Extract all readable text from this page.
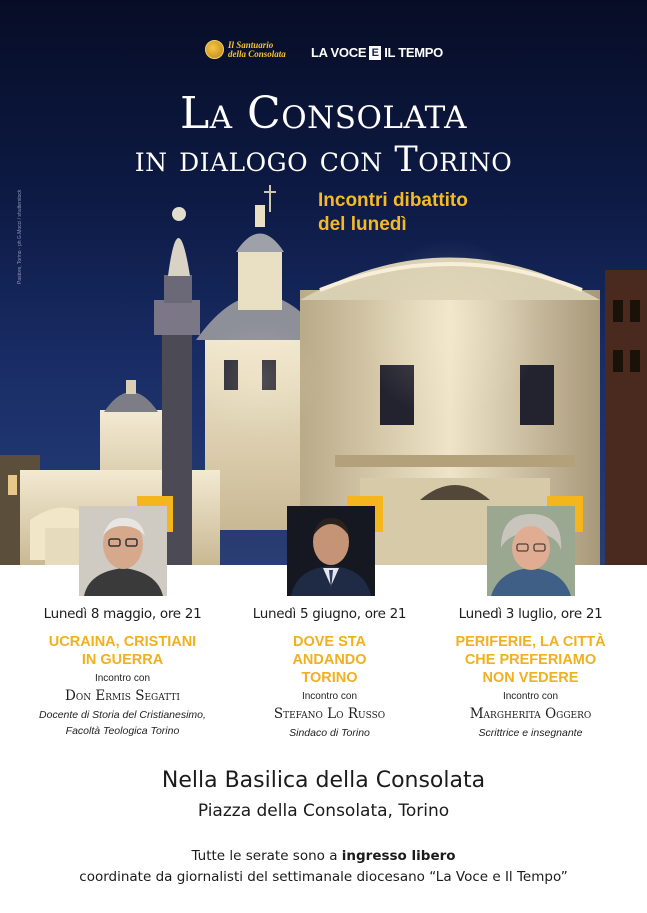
Il Santuario
della Consolata LA VOCE E IL TEMPO
La Consolata
in dialogo con Torino
Incontri dibattito
del lunedì
Pastore, Torino - ph G.Mocci / shutterstock
Lunedì 8 maggio, ore 21
UCRAINA, CRISTIANI
IN GUERRA
Incontro con
Don Ermis Segatti
Docente di Storia del Cristianesimo,
Facoltà Teologica Torino
Lunedì 5 giugno, ore 21
DOVE STA
ANDANDO
TORINO
Incontro con
Stefano Lo Russo
Sindaco di Torino
Lunedì 3 luglio, ore 21
PERIFERIE, LA CITTÀ
CHE PREFERIAMO
NON VEDERE
Incontro con
Margherita Oggero
Scrittrice e insegnante
Nella Basilica della Consolata
Piazza della Consolata, Torino
Tutte le serate sono a ingresso libero
coordinate da giornalisti del settimanale diocesano “La Voce e Il Tempo”
